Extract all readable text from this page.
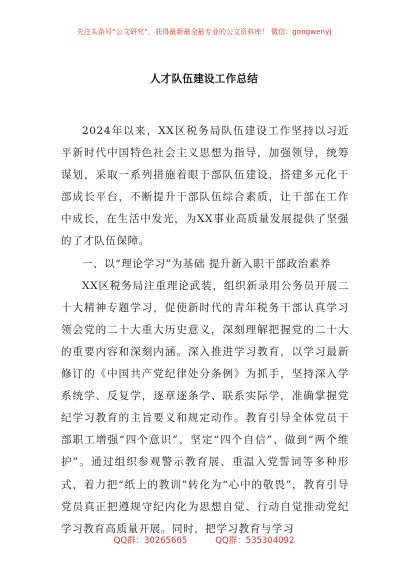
关注头条号“公文研究”，获得最新最全最专业的公文资料库！ 微信：gongwenyj
人才队伍建设工作总结

2024年以来，XX区税务局队伍建设工作坚持以习近平新时代中国特色社会主义思想为指导，加强领导，统筹谋划，采取一系列措施着眼于部队伍建设，搭建多元化干部成长平台，不断提升干部队伍综合素质，让干部在工作中成长，在生活中发光，为XX事业高质量发展提供了坚强的了才队伍保障。

一、以“理论学习”为基础 提升新入职干部政治素养

XX区税务局注重理论武装，组织新录用公务员开展二十大精神专题学习，促使新时代的青年税务干部认真学习领会党的二十大重大历史意义，深刻理解把握党的二十大的重要内容和深刻内涵。深入推进学习教育，以学习最新修订的《中国共产党纪律处分条例》为抓手，坚持深入学系统学、反复学，逐章逐条学、联系实际学，准确掌握党纪学习教育的主旨要义和规定动作。教育引导全体党员干部职工增强“四个意识”、坚定“四个自信”、做到“两个维护”。通过组织参观警示教育展、重温入党誓词等多种形式，着力把“纸上的教训”转化为“心中的敬畏”，教育引导党员真正把遵规守纪内化为思想自觉、行动自觉推动党纪学习教育高质量开展。同时，把学习教育与学习

QQ群：30265665	QQ群：535304092
